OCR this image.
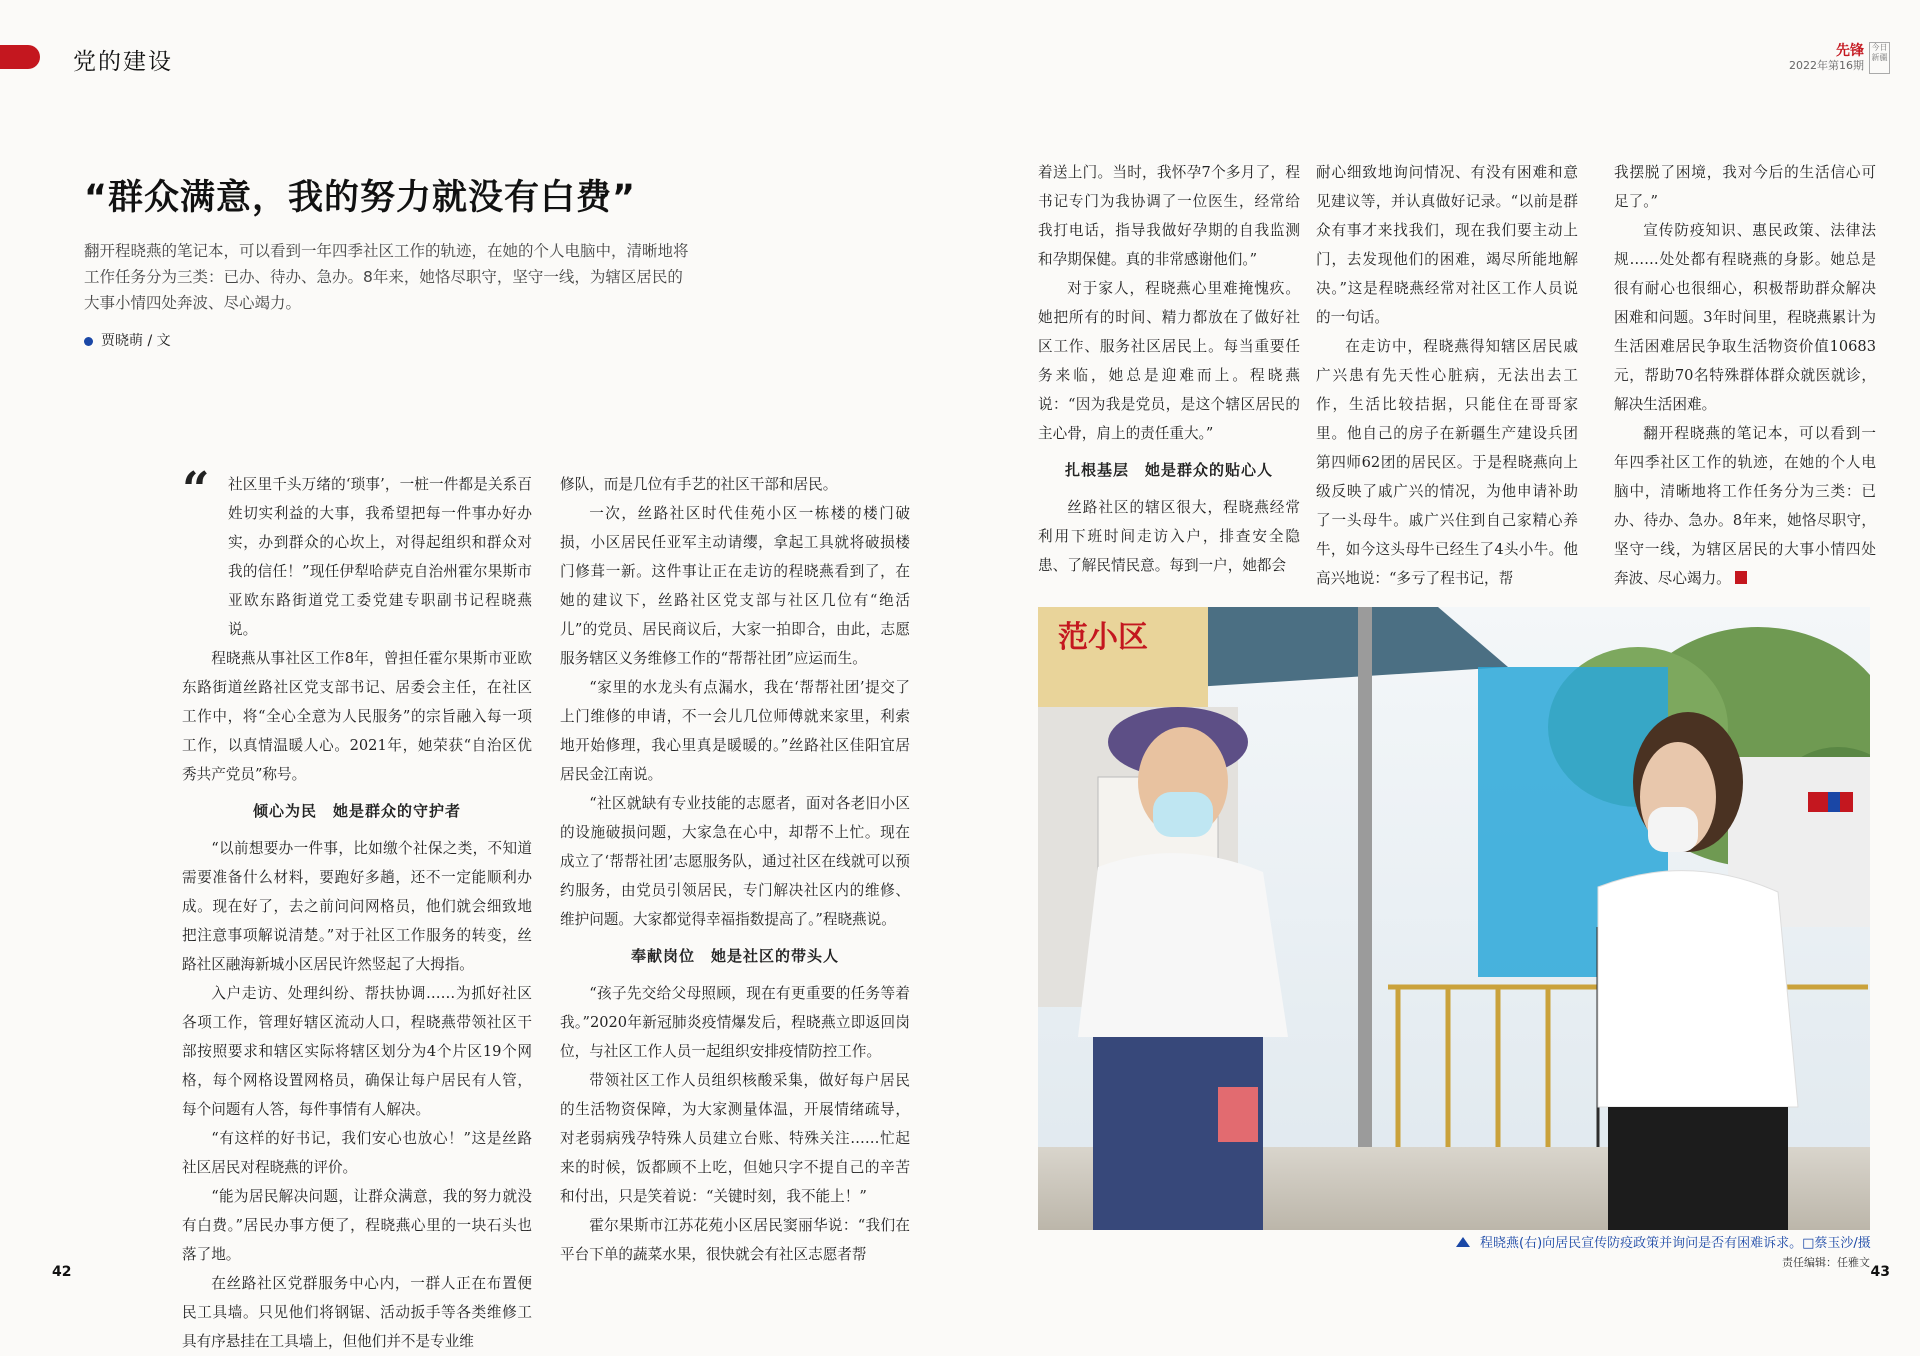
党的建设	先锋
2022年第16期
今日新疆
“群众满意，我的努力就没有白费”
翻开程晓燕的笔记本，可以看到一年四季社区工作的轨迹，在她的个人电脑中，清晰地将工作任务分为三类：已办、待办、急办。8年来，她恪尽职守，坚守一线，为辖区居民的大事小情四处奔波、尽心竭力。
贾晓萌 / 文

“ 社区里千头万绪的‘琐事’，一桩一件都是关系百姓切实利益的大事，我希望把每一件事办好办实，办到群众的心坎上，对得起组织和群众对我的信任！”现任伊犁哈萨克自治州霍尔果斯市亚欧东路街道党工委党建专职副书记程晓燕说。

程晓燕从事社区工作8年，曾担任霍尔果斯市亚欧东路街道丝路社区党支部书记、居委会主任，在社区工作中，将“全心全意为人民服务”的宗旨融入每一项工作，以真情温暖人心。2021年，她荣获“自治区优秀共产党员”称号。

倾心为民　她是群众的守护者

“以前想要办一件事，比如缴个社保之类，不知道需要准备什么材料，要跑好多趟，还不一定能顺利办成。现在好了，去之前问问网格员，他们就会细致地把注意事项解说清楚。”对于社区工作服务的转变，丝路社区融海新城小区居民许然竖起了大拇指。

入户走访、处理纠纷、帮扶协调……为抓好社区各项工作，管理好辖区流动人口，程晓燕带领社区干部按照要求和辖区实际将辖区划分为4个片区19个网格，每个网格设置网格员，确保让每户居民有人管，每个问题有人答，每件事情有人解决。

“有这样的好书记，我们安心也放心！”这是丝路社区居民对程晓燕的评价。

“能为居民解决问题，让群众满意，我的努力就没有白费。”居民办事方便了，程晓燕心里的一块石头也落了地。

在丝路社区党群服务中心内，一群人正在布置便民工具墙。只见他们将钢锯、活动扳手等各类维修工具有序悬挂在工具墙上，但他们并不是专业维

修队，而是几位有手艺的社区干部和居民。

一次，丝路社区时代佳苑小区一栋楼的楼门破损，小区居民任亚军主动请缨，拿起工具就将破损楼门修葺一新。这件事让正在走访的程晓燕看到了，在她的建议下，丝路社区党支部与社区几位有“绝活儿”的党员、居民商议后，大家一拍即合，由此，志愿服务辖区义务维修工作的“帮帮社团”应运而生。

“家里的水龙头有点漏水，我在‘帮帮社团’提交了上门维修的申请，不一会儿几位师傅就来家里，利索地开始修理，我心里真是暖暖的。”丝路社区佳阳宜居居民金江南说。

“社区就缺有专业技能的志愿者，面对各老旧小区的设施破损问题，大家急在心中，却帮不上忙。现在成立了‘帮帮社团’志愿服务队，通过社区在线就可以预约服务，由党员引领居民，专门解决社区内的维修、维护问题。大家都觉得幸福指数提高了。”程晓燕说。

奉献岗位　她是社区的带头人

“孩子先交给父母照顾，现在有更重要的任务等着我。”2020年新冠肺炎疫情爆发后，程晓燕立即返回岗位，与社区工作人员一起组织安排疫情防控工作。

带领社区工作人员组织核酸采集，做好每户居民的生活物资保障，为大家测量体温，开展情绪疏导，对老弱病残孕特殊人员建立台账、特殊关注……忙起来的时候，饭都顾不上吃，但她只字不提自己的辛苦和付出，只是笑着说：“关键时刻，我不能上！”

霍尔果斯市江苏花苑小区居民窦丽华说：“我们在平台下单的蔬菜水果，很快就会有社区志愿者帮

着送上门。当时，我怀孕7个多月了，程书记专门为我协调了一位医生，经常给我打电话，指导我做好孕期的自我监测和孕期保健。真的非常感谢他们。”

对于家人，程晓燕心里难掩愧疚。她把所有的时间、精力都放在了做好社区工作、服务社区居民上。每当重要任务来临，她总是迎难而上。程晓燕说：“因为我是党员，是这个辖区居民的主心骨，肩上的责任重大。”

扎根基层　她是群众的贴心人

丝路社区的辖区很大，程晓燕经常利用下班时间走访入户，排查安全隐患、了解民情民意。每到一户，她都会

耐心细致地询问情况、有没有困难和意见建议等，并认真做好记录。“以前是群众有事才来找我们，现在我们要主动上门，去发现他们的困难，竭尽所能地解决。”这是程晓燕经常对社区工作人员说的一句话。

在走访中，程晓燕得知辖区居民戚广兴患有先天性心脏病，无法出去工作，生活比较拮据，只能住在哥哥家里。他自己的房子在新疆生产建设兵团第四师62团的居民区。于是程晓燕向上级反映了戚广兴的情况，为他申请补助了一头母牛。戚广兴住到自己家精心养牛，如今这头母牛已经生了4头小牛。他高兴地说：“多亏了程书记，帮

我摆脱了困境，我对今后的生活信心可足了。”

宣传防疫知识、惠民政策、法律法规……处处都有程晓燕的身影。她总是很有耐心也很细心，积极帮助群众解决困难和问题。3年时间里，程晓燕累计为生活困难居民争取生活物资价值10683元，帮助70名特殊群体群众就医就诊，解决生活困难。

翻开程晓燕的笔记本，可以看到一年四季社区工作的轨迹，在她的个人电脑中，清晰地将工作任务分为三类：已办、待办、急办。8年来，她恪尽职守，坚守一线，为辖区居民的大事小情四处奔波、尽心竭力。

范小区
程晓燕(右)向居民宣传防疫政策并询问是否有困难诉求。□蔡玉沙/摄
责任编辑：任雅文
42	43
